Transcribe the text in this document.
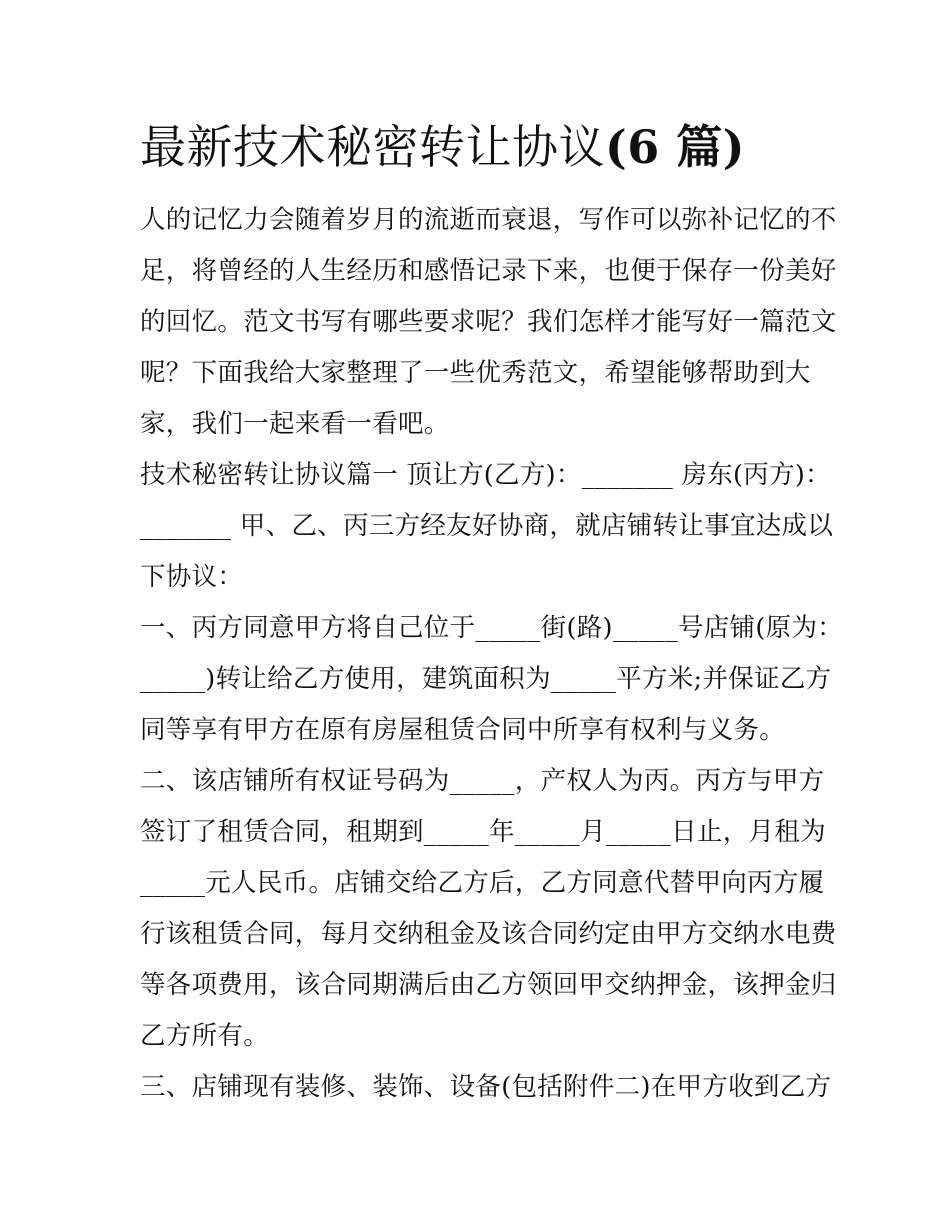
最新技术秘密转让协议(6 篇)
人的记忆力会随着岁月的流逝而衰退，写作可以弥补记忆的不
足，将曾经的人生经历和感悟记录下来，也便于保存一份美好
的回忆。范文书写有哪些要求呢？我们怎样才能写好一篇范文
呢？下面我给大家整理了一些优秀范文，希望能够帮助到大
家，我们一起来看一看吧。
技术秘密转让协议篇一 顶让方(乙方)：_______ 房东(丙方)：
_______ 甲、乙、丙三方经友好协商，就店铺转让事宜达成以
下协议：
一、丙方同意甲方将自己位于_____街(路)_____号店铺(原为：
_____)转让给乙方使用，建筑面积为_____平方米;并保证乙方
同等享有甲方在原有房屋租赁合同中所享有权利与义务。
二、该店铺所有权证号码为_____，产权人为丙。丙方与甲方
签订了租赁合同，租期到_____年_____月_____日止，月租为
_____元人民币。店铺交给乙方后，乙方同意代替甲向丙方履
行该租赁合同，每月交纳租金及该合同约定由甲方交纳水电费
等各项费用，该合同期满后由乙方领回甲交纳押金，该押金归
乙方所有。
三、店铺现有装修、装饰、设备(包括附件二)在甲方收到乙方
